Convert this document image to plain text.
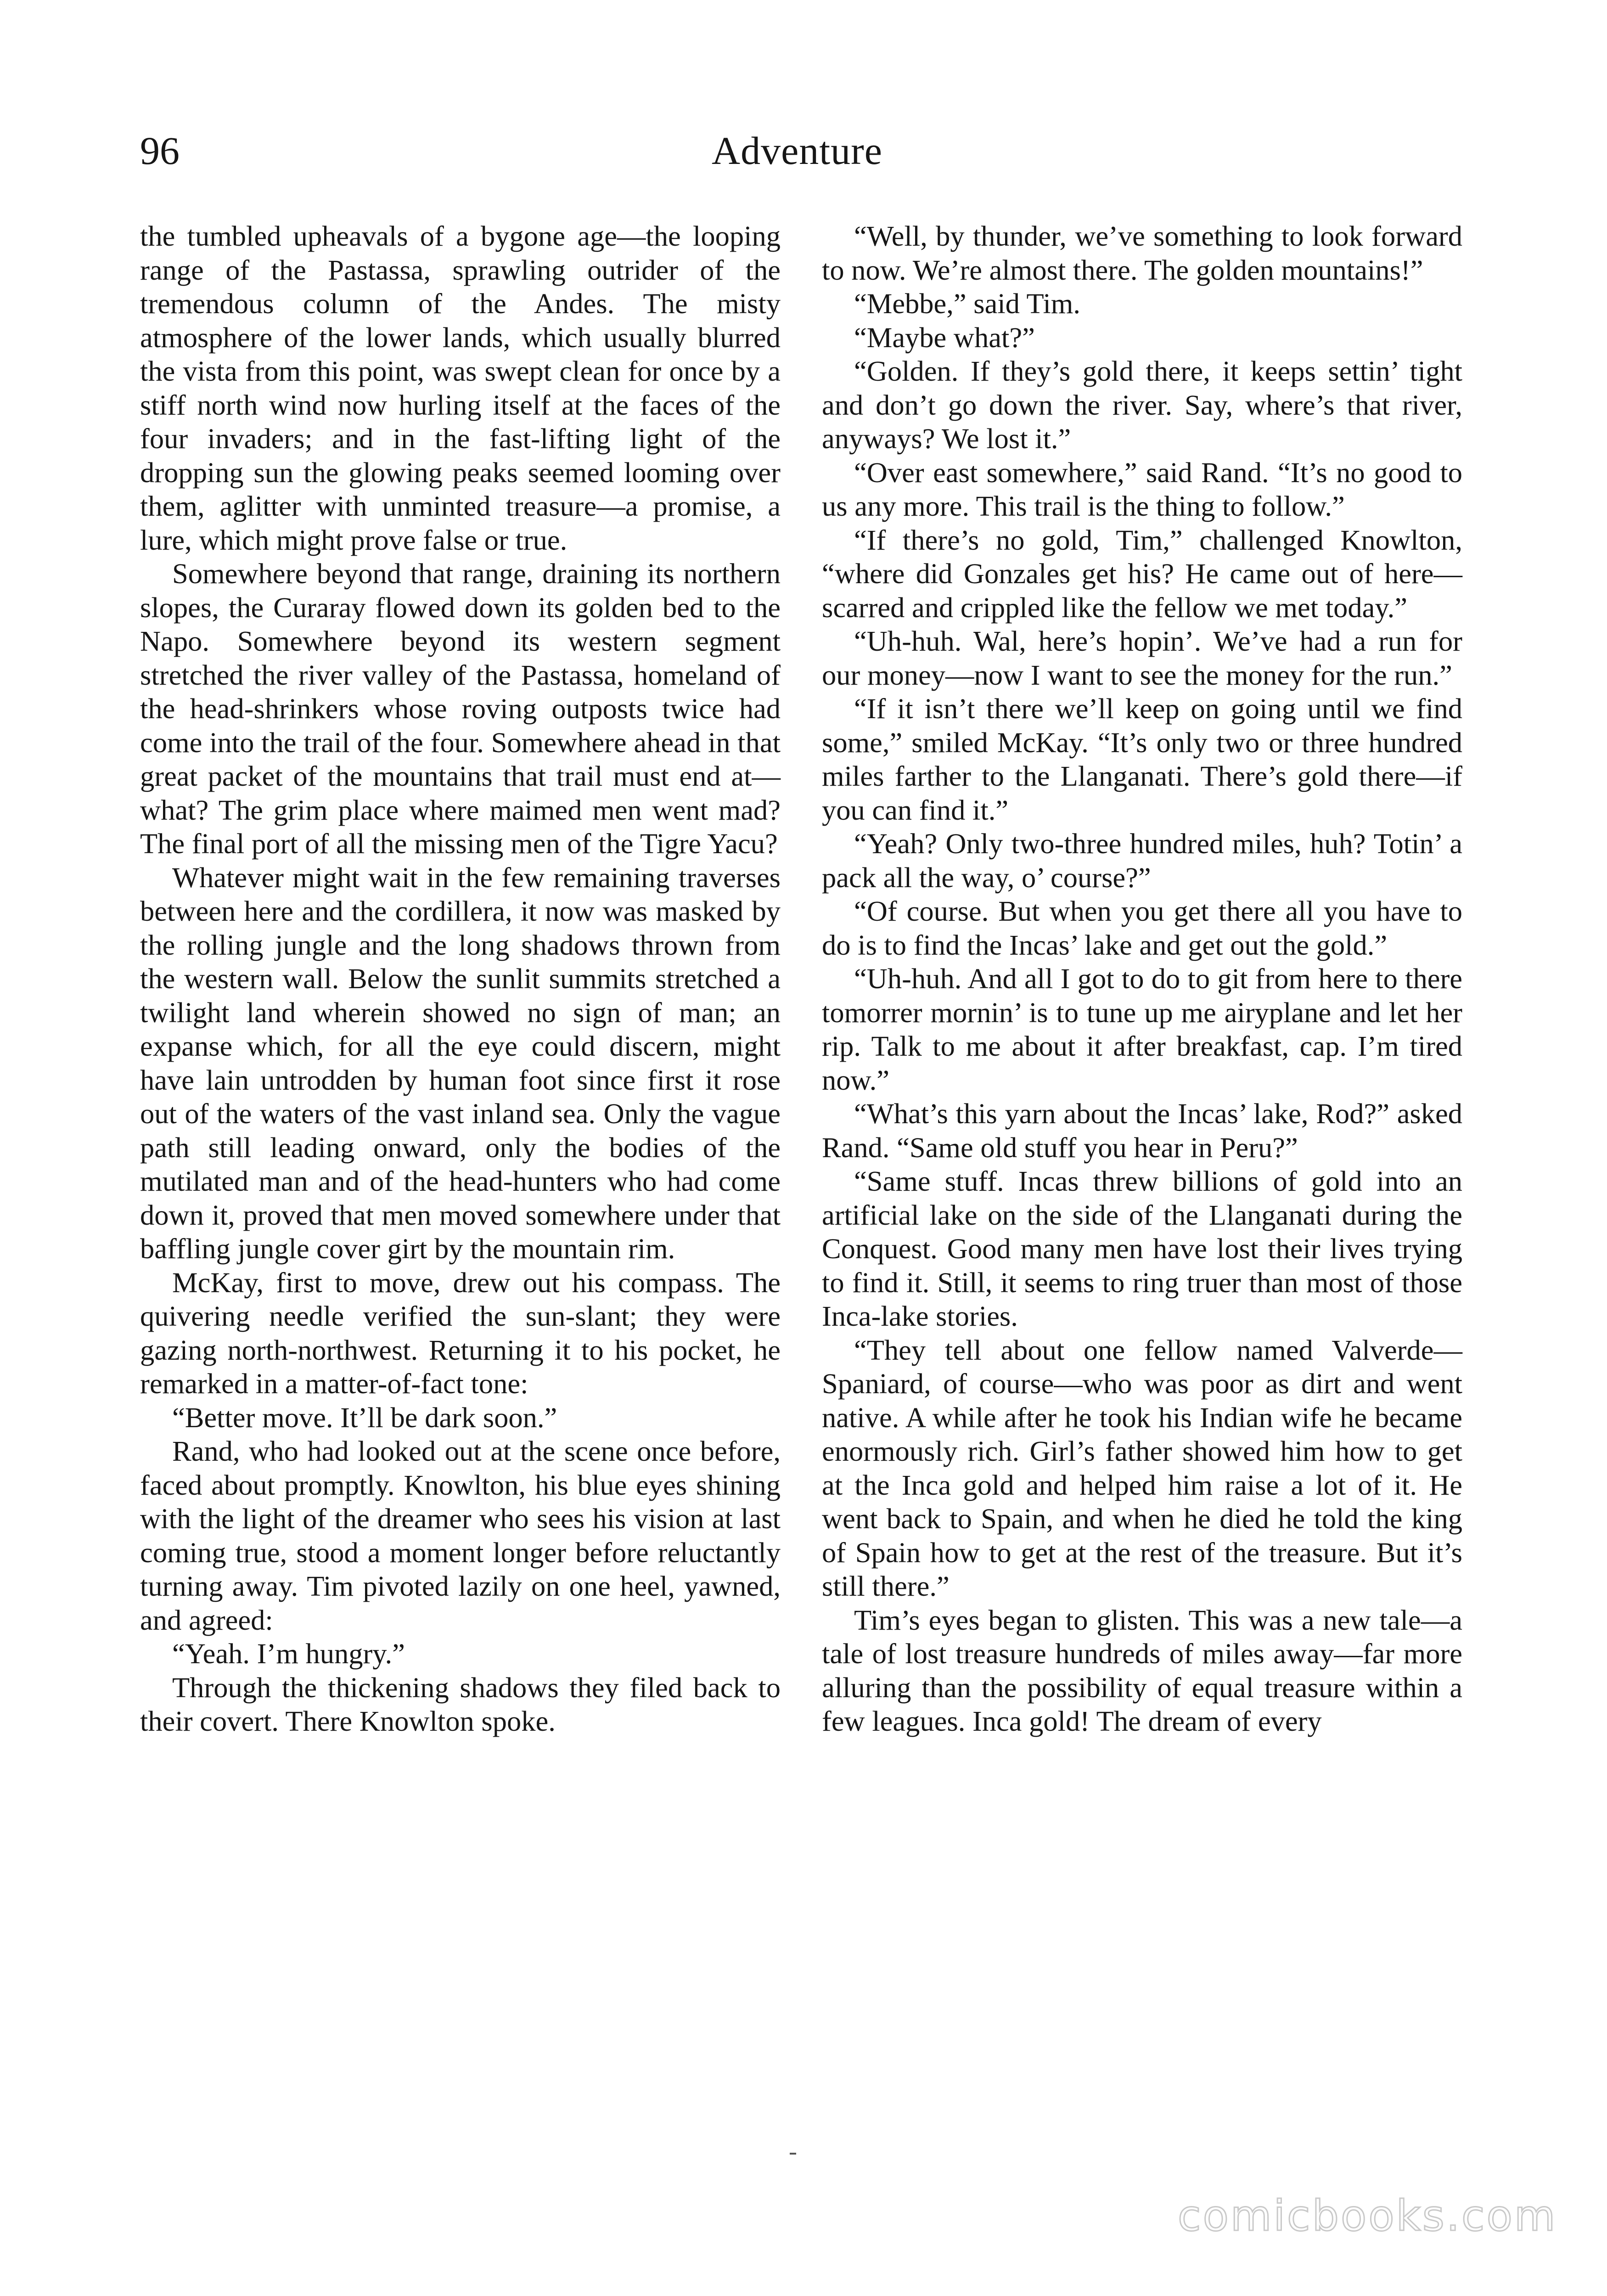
96	Adventure

the tumbled upheavals of a bygone age—the looping range of the Pastassa, sprawling outrider of the tremendous column of the Andes. The misty atmosphere of the lower lands, which usually blurred the vista from this point, was swept clean for once by a stiff north wind now hurling itself at the faces of the four invaders; and in the fast-lifting light of the dropping sun the glowing peaks seemed looming over them, aglitter with unminted treasure—a promise, a lure, which might prove false or true.

Somewhere beyond that range, draining its northern slopes, the Curaray flowed down its golden bed to the Napo. Somewhere beyond its western segment stretched the river valley of the Pastassa, homeland of the head-shrinkers whose roving outposts twice had come into the trail of the four. Somewhere ahead in that great packet of the mountains that trail must end at—what? The grim place where maimed men went mad? The final port of all the missing men of the Tigre Yacu?

Whatever might wait in the few remaining traverses between here and the cordillera, it now was masked by the rolling jungle and the long shadows thrown from the western wall. Below the sunlit summits stretched a twilight land wherein showed no sign of man; an expanse which, for all the eye could discern, might have lain untrodden by human foot since first it rose out of the waters of the vast inland sea. Only the vague path still leading onward, only the bodies of the mutilated man and of the head-hunters who had come down it, proved that men moved somewhere under that baffling jungle cover girt by the mountain rim.

McKay, first to move, drew out his compass. The quivering needle verified the sun-slant; they were gazing north-northwest. Returning it to his pocket, he remarked in a matter-of-fact tone:

“Better move. It’ll be dark soon.”

Rand, who had looked out at the scene once before, faced about promptly. Knowlton, his blue eyes shining with the light of the dreamer who sees his vision at last coming true, stood a moment longer before reluctantly turning away. Tim pivoted lazily on one heel, yawned, and agreed:

“Yeah. I’m hungry.”

Through the thickening shadows they filed back to their covert. There Knowlton spoke.

“Well, by thunder, we’ve something to look forward to now. We’re almost there. The golden mountains!”

“Mebbe,” said Tim.

“Maybe what?”

“Golden. If they’s gold there, it keeps settin’ tight and don’t go down the river. Say, where’s that river, anyways? We lost it.”

“Over east somewhere,” said Rand. “It’s no good to us any more. This trail is the thing to follow.”

“If there’s no gold, Tim,” challenged Knowlton, “where did Gonzales get his? He came out of here—scarred and crippled like the fellow we met today.”

“Uh-huh. Wal, here’s hopin’. We’ve had a run for our money—now I want to see the money for the run.”

“If it isn’t there we’ll keep on going until we find some,” smiled McKay. “It’s only two or three hundred miles farther to the Llanganati. There’s gold there—if you can find it.”

“Yeah? Only two-three hundred miles, huh? Totin’ a pack all the way, o’ course?”

“Of course. But when you get there all you have to do is to find the Incas’ lake and get out the gold.”

“Uh-huh. And all I got to do to git from here to there tomorrer mornin’ is to tune up me airyplane and let her rip. Talk to me about it after breakfast, cap. I’m tired now.”

“What’s this yarn about the Incas’ lake, Rod?” asked Rand. “Same old stuff you hear in Peru?”

“Same stuff. Incas threw billions of gold into an artificial lake on the side of the Llanganati during the Conquest. Good many men have lost their lives trying to find it. Still, it seems to ring truer than most of those Inca-lake stories.

“They tell about one fellow named Valverde—Spaniard, of course—who was poor as dirt and went native. A while after he took his Indian wife he became enormously rich. Girl’s father showed him how to get at the Inca gold and helped him raise a lot of it. He went back to Spain, and when he died he told the king of Spain how to get at the rest of the treasure. But it’s still there.”

Tim’s eyes began to glisten. This was a new tale—a tale of lost treasure hundreds of miles away—far more alluring than the possibility of equal treasure within a few leagues. Inca gold! The dream of every

comicbooks.com
